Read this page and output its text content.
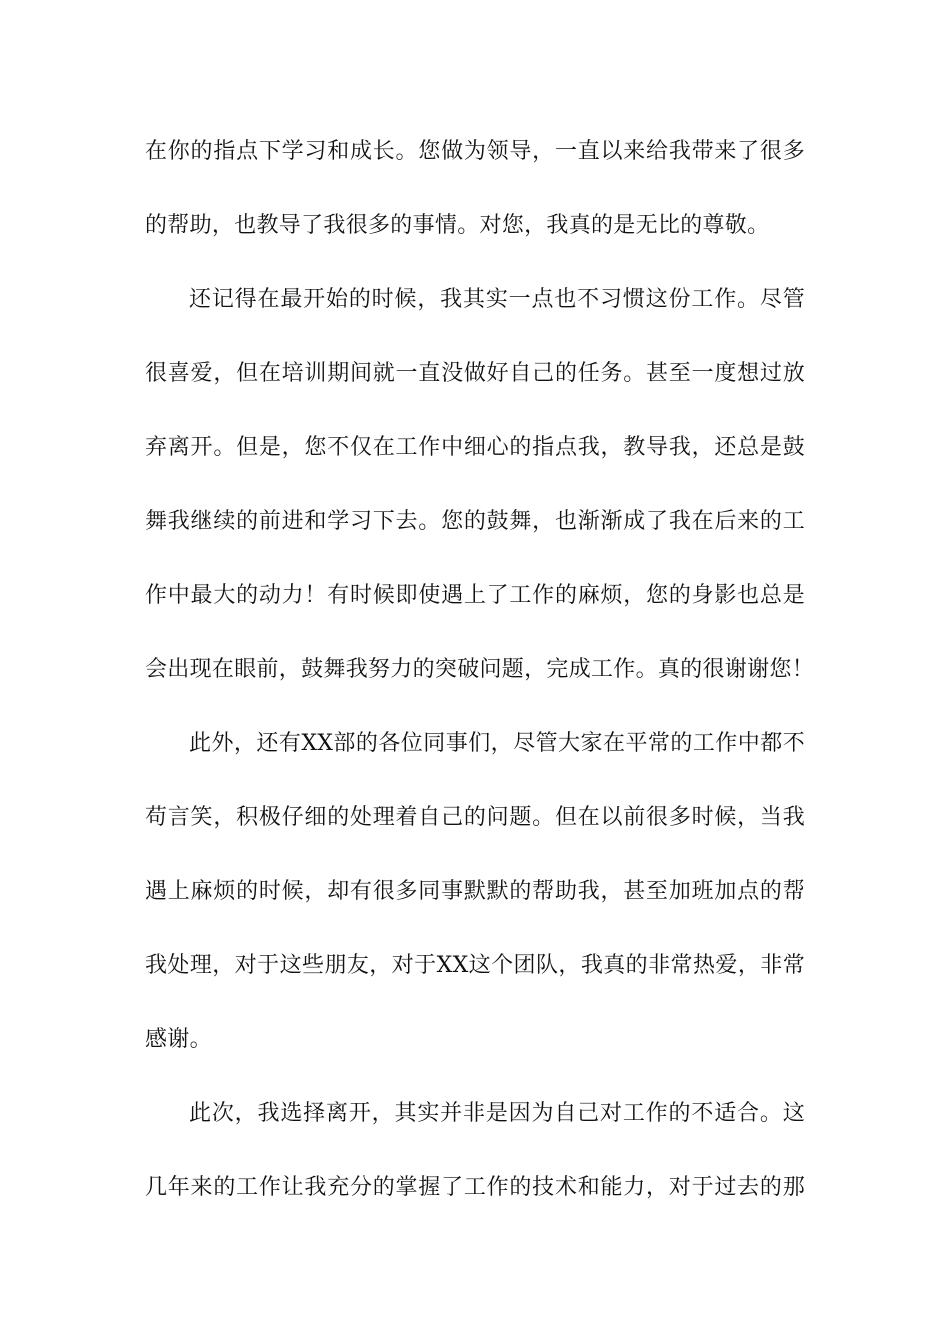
在你的指点下学习和成长。您做为领导，一直以来给我带来了很多
的帮助，也教导了我很多的事情。对您，我真的是无比的尊敬。
还记得在最开始的时候，我其实一点也不习惯这份工作。尽管
很喜爱，但在培训期间就一直没做好自己的任务。甚至一度想过放
弃离开。但是，您不仅在工作中细心的指点我，教导我，还总是鼓
舞我继续的前进和学习下去。您的鼓舞，也渐渐成了我在后来的工
作中最大的动力！有时候即使遇上了工作的麻烦，您的身影也总是
会出现在眼前，鼓舞我努力的突破问题，完成工作。真的很谢谢您！
此外，还有XX部的各位同事们，尽管大家在平常的工作中都不
苟言笑，积极仔细的处理着自己的问题。但在以前很多时候，当我
遇上麻烦的时候，却有很多同事默默的帮助我，甚至加班加点的帮
我处理，对于这些朋友，对于XX这个团队，我真的非常热爱，非常
感谢。
此次，我选择离开，其实并非是因为自己对工作的不适合。这
几年来的工作让我充分的掌握了工作的技术和能力，对于过去的那
